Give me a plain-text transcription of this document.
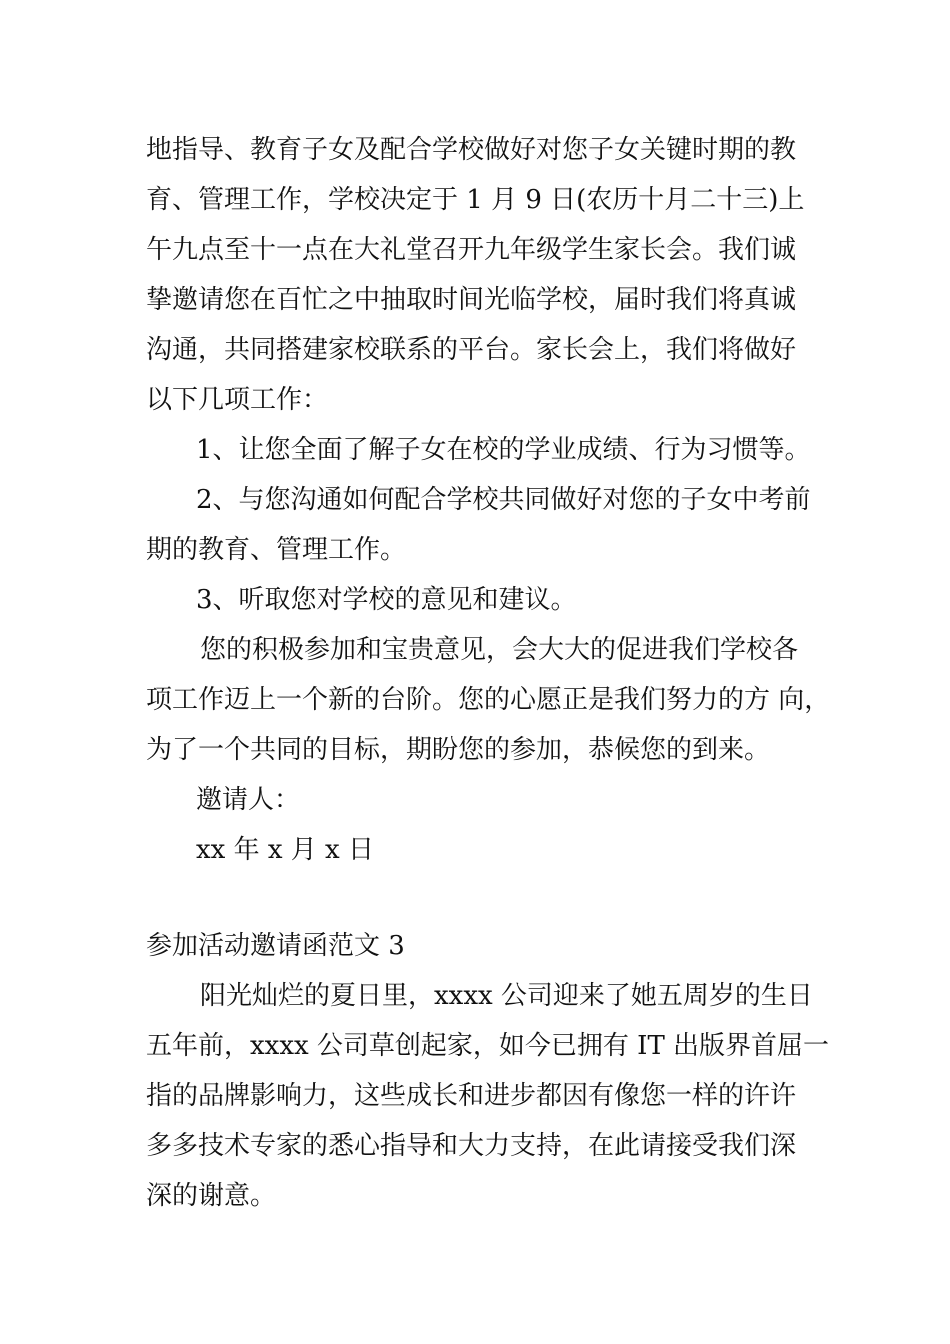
地指导、教育子女及配合学校做好对您子女关键时期的教
育、管理工作，学校决定于 1 月 9 日(农历十月二十三)上
午九点至十一点在大礼堂召开九年级学生家长会。我们诚
挚邀请您在百忙之中抽取时间光临学校，届时我们将真诚
沟通，共同搭建家校联系的平台。家长会上，我们将做好
以下几项工作：
1、让您全面了解子女在校的学业成绩、行为习惯等。
2、与您沟通如何配合学校共同做好对您的子女中考前
期的教育、管理工作。
3、听取您对学校的意见和建议。
您的积极参加和宝贵意见，会大大的促进我们学校各
项工作迈上一个新的台阶。您的心愿正是我们努力的方 向，
为了一个共同的目标，期盼您的参加，恭候您的到来。
邀请人：
xx 年 x 月 x 日
参加活动邀请函范文 3
阳光灿烂的夏日里，xxxx 公司迎来了她五周岁的生日
五年前，xxxx 公司草创起家，如今已拥有 IT 出版界首屈一
指的品牌影响力，这些成长和进步都因有像您一样的许许
多多技术专家的悉心指导和大力支持，在此请接受我们深
深的谢意。
